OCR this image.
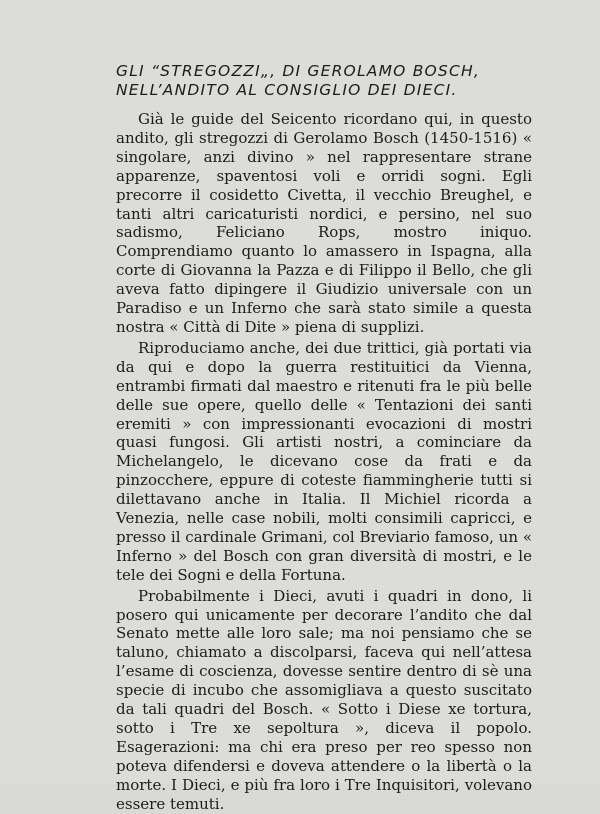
GLI “STREGOZZI„, DI GEROLAMO BOSCH,
NELL’ANDITO AL CONSIGLIO DEI DIECI.

Già le guide del Seicento ricordano qui, in questo andito, gli stregozzi di Gerolamo Bosch (1450-1516) « singolare, anzi divino » nel rappresentare strane apparenze, spaventosi voli e orridi sogni. Egli precorre il cosidetto Civetta, il vecchio Breughel, e tanti altri caricaturisti nordici, e persino, nel suo sadismo, Feliciano Rops, mostro iniquo. Comprendiamo quanto lo amassero in Ispagna, alla corte di Giovanna la Pazza e di Filippo il Bello, che gli aveva fatto dipingere il Giudizio universale con un Paradiso e un Inferno che sarà stato simile a questa nostra « Città di Dite » piena di supplizi.

Riproduciamo anche, dei due trittici, già portati via da qui e dopo la guerra restituitici da Vienna, entrambi firmati dal maestro e ritenuti fra le più belle delle sue opere, quello delle « Tentazioni dei santi eremiti » con impressionanti evocazioni di mostri quasi fungosi. Gli artisti nostri, a cominciare da Michelangelo, le dicevano cose da frati e da pinzocchere, eppure di coteste fiammingherie tutti si dilettavano anche in Italia. Il Michiel ricorda a Venezia, nelle case nobili, molti consimili capricci, e presso il cardinale Grimani, col Breviario famoso, un « Inferno » del Bosch con gran diversità di mostri, e le tele dei Sogni e della Fortuna.

Probabilmente i Dieci, avuti i quadri in dono, li posero qui unicamente per decorare l’andito che dal Senato mette alle loro sale; ma noi pensiamo che se taluno, chiamato a discolparsi, faceva qui nell’attesa l’esame di coscienza, dovesse sentire dentro di sè una specie di incubo che assomigliava a questo suscitato da tali quadri del Bosch. « Sotto i Diese xe tortura, sotto i Tre xe sepoltura », diceva il popolo. Esagerazioni: ma chi era preso per reo spesso non poteva difendersi e doveva attendere o la libertà o la morte. I Dieci, e più fra loro i Tre Inquisitori, volevano essere temuti.
